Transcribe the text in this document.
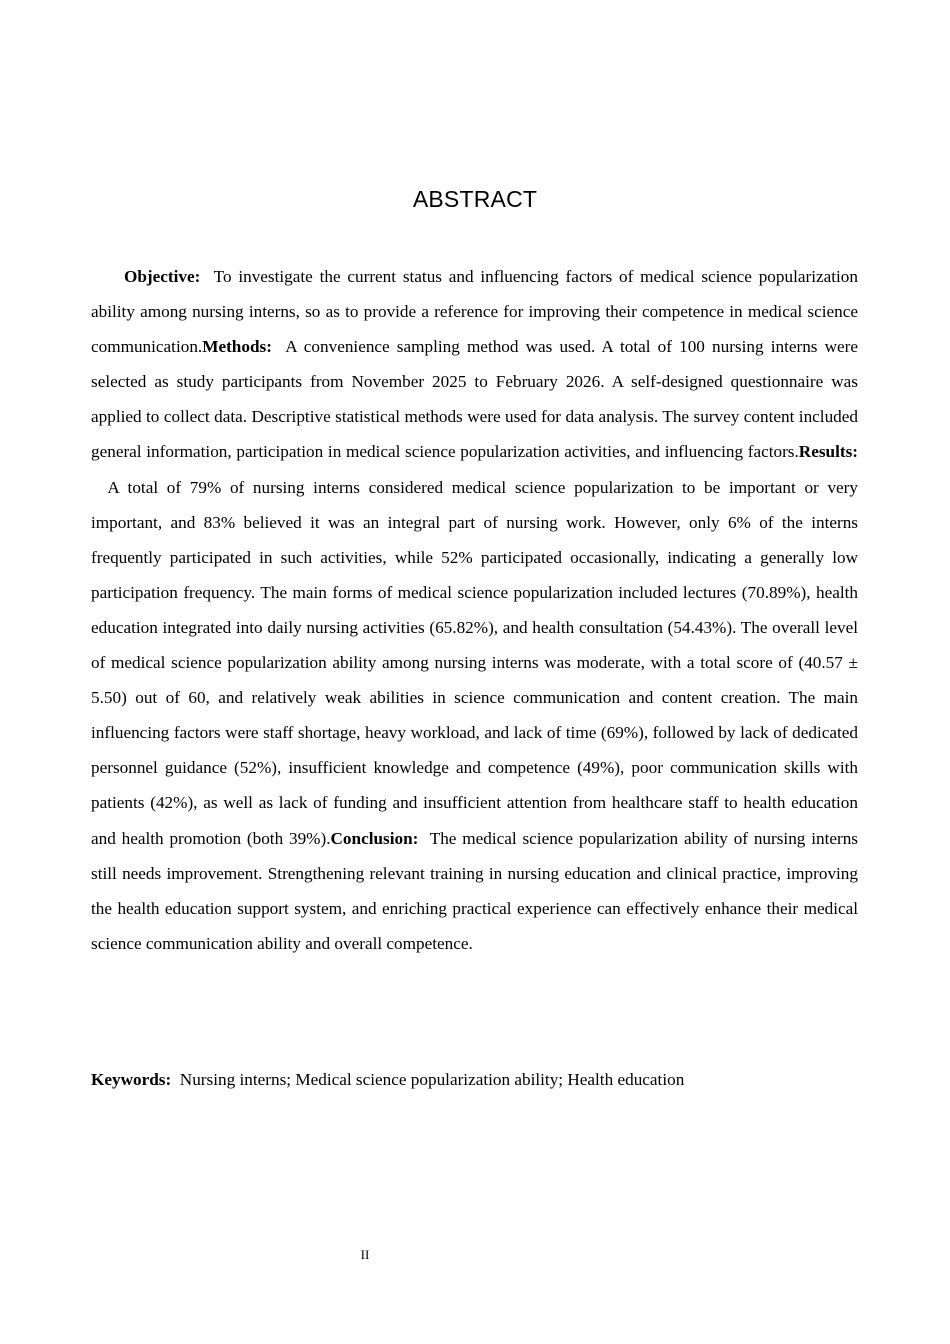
ABSTRACT

Objective: To investigate the current status and influencing factors of medical science popularization ability among nursing interns, so as to provide a reference for improving their competence in medical science communication.Methods: A convenience sampling method was used. A total of 100 nursing interns were selected as study participants from November 2025 to February 2026. A self-designed questionnaire was applied to collect data. Descriptive statistical methods were used for data analysis. The survey content included general information, participation in medical science popularization activities, and influencing factors.Results:  A total of 79% of nursing interns considered medical science popularization to be important or very important, and 83% believed it was an integral part of nursing work. However, only 6% of the interns frequently participated in such activities, while 52% participated occasionally, indicating a generally low participation frequency. The main forms of medical science popularization included lectures (70.89%), health education integrated into daily nursing activities (65.82%), and health consultation (54.43%). The overall level of medical science popularization ability among nursing interns was moderate, with a total score of (40.57 ± 5.50) out of 60, and relatively weak abilities in science communication and content creation. The main influencing factors were staff shortage, heavy workload, and lack of time (69%), followed by lack of dedicated personnel guidance (52%), insufficient knowledge and competence (49%), poor communication skills with patients (42%), as well as lack of funding and insufficient attention from healthcare staff to health education and health promotion (both 39%).Conclusion: The medical science popularization ability of nursing interns still needs improvement. Strengthening relevant training in nursing education and clinical practice, improving the health education support system, and enriching practical experience can effectively enhance their medical science communication ability and overall competence.

Keywords: Nursing interns; Medical science popularization ability; Health education

II
